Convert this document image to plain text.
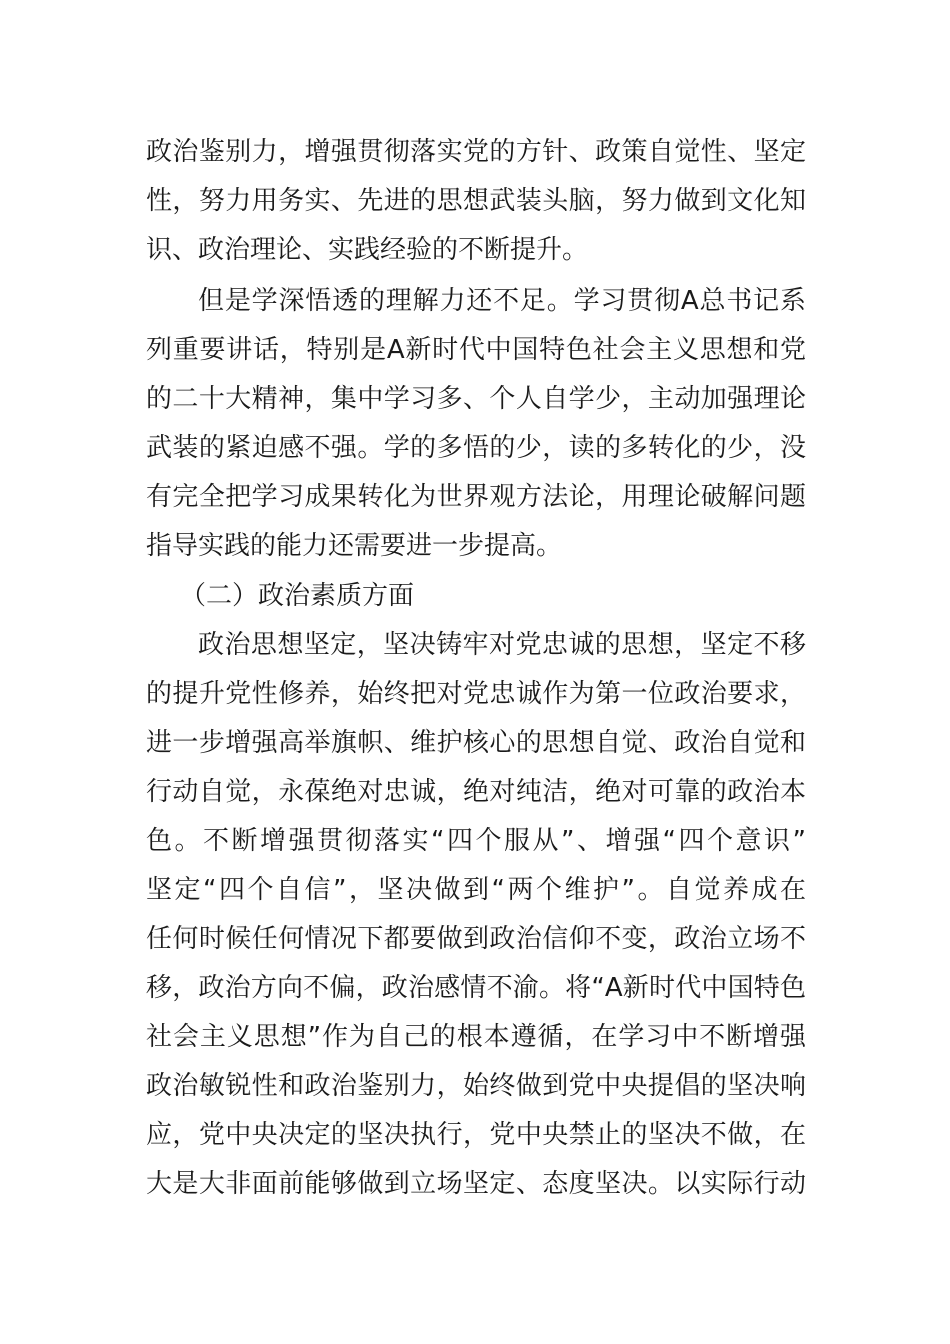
政治鉴别力，增强贯彻落实党的方针、政策自觉性、坚定
性，努力用务实、先进的思想武装头脑，努力做到文化知
识、政治理论、实践经验的不断提升。
但是学深悟透的理解力还不足。学习贯彻A总书记系
列重要讲话，特别是A新时代中国特色社会主义思想和党
的二十大精神，集中学习多、个人自学少，主动加强理论
武装的紧迫感不强。学的多悟的少，读的多转化的少，没
有完全把学习成果转化为世界观方法论，用理论破解问题
指导实践的能力还需要进一步提高。
（二）政治素质方面
政治思想坚定，坚决铸牢对党忠诚的思想，坚定不移
的提升党性修养，始终把对党忠诚作为第一位政治要求，
进一步增强高举旗帜、维护核心的思想自觉、政治自觉和
行动自觉，永葆绝对忠诚，绝对纯洁，绝对可靠的政治本
色。不断增强贯彻落实“四个服从”、增强“四个意识”
坚定“四个自信”，坚决做到“两个维护”。自觉养成在
任何时候任何情况下都要做到政治信仰不变，政治立场不
移，政治方向不偏，政治感情不渝。将“A新时代中国特色
社会主义思想”作为自己的根本遵循，在学习中不断增强
政治敏锐性和政治鉴别力，始终做到党中央提倡的坚决响
应，党中央决定的坚决执行，党中央禁止的坚决不做，在
大是大非面前能够做到立场坚定、态度坚决。以实际行动
